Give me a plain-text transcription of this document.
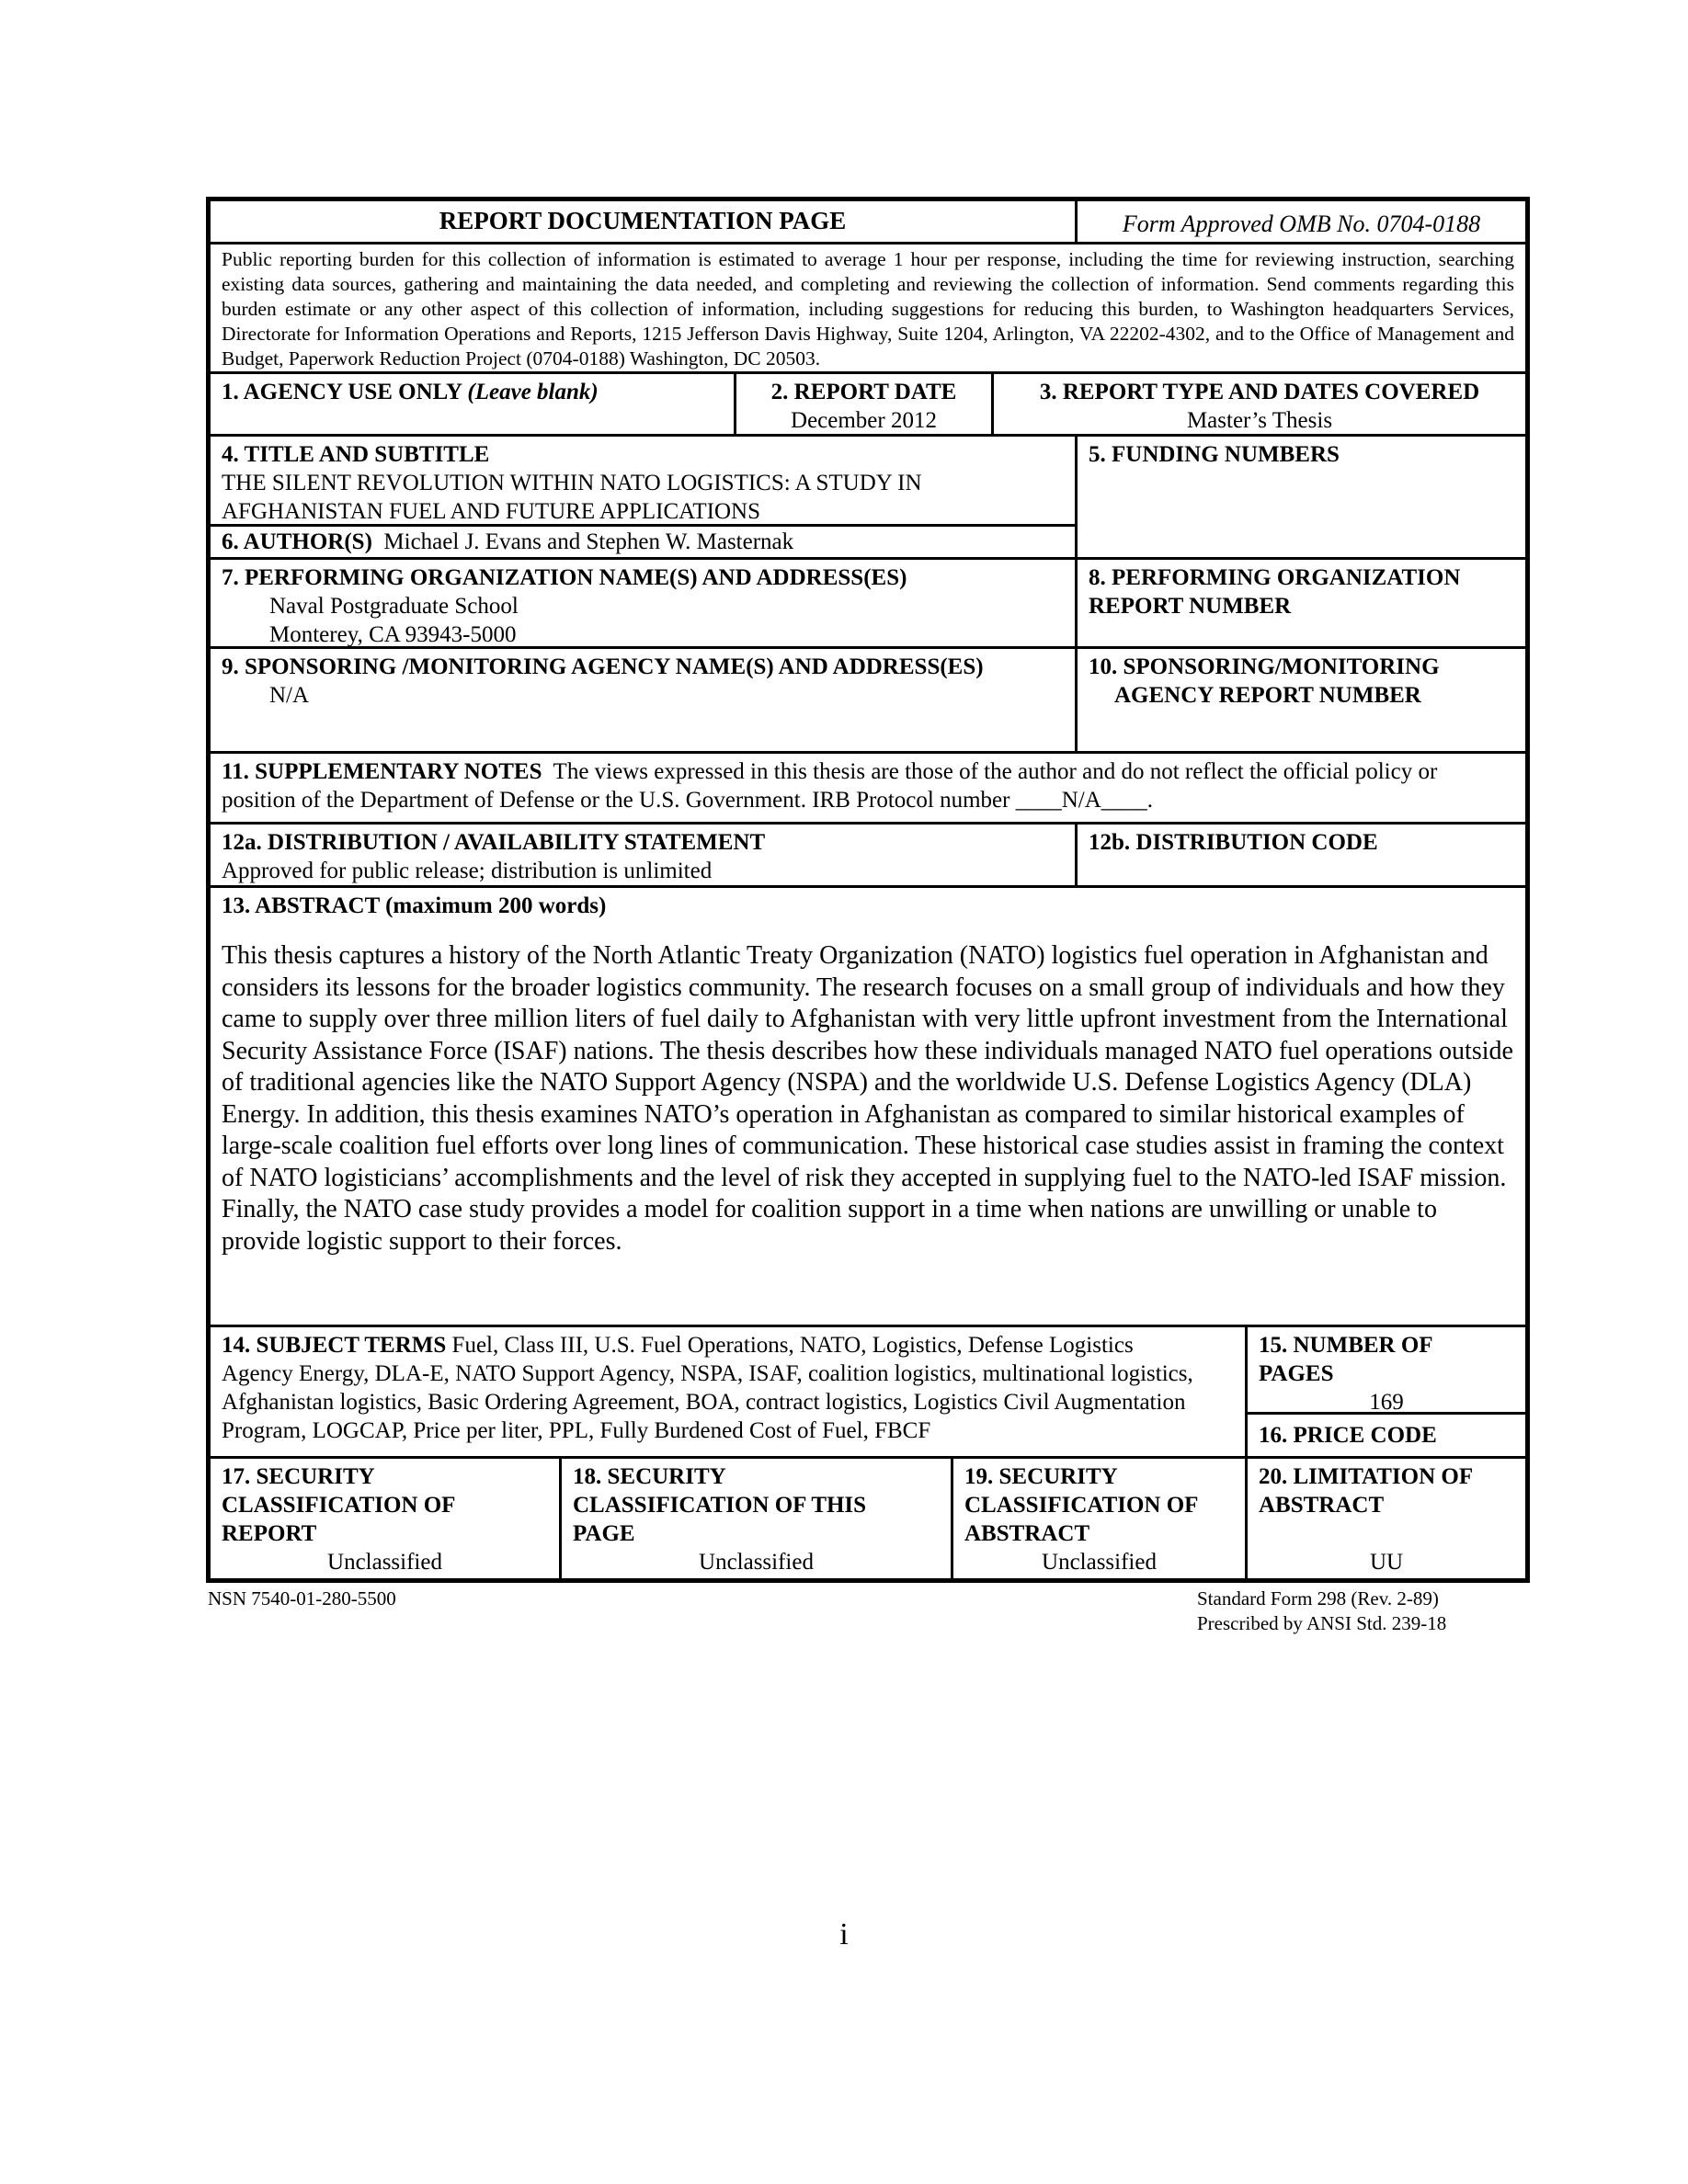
REPORT DOCUMENTATION PAGE	Form Approved OMB No. 0704-0188
Public reporting burden for this collection of information is estimated to average 1 hour per response, including the time for reviewing instruction, searching existing data sources, gathering and maintaining the data needed, and completing and reviewing the collection of information. Send comments regarding this burden estimate or any other aspect of this collection of information, including suggestions for reducing this burden, to Washington headquarters Services, Directorate for Information Operations and Reports, 1215 Jefferson Davis Highway, Suite 1204, Arlington, VA 22202-4302, and to the Office of Management and Budget, Paperwork Reduction Project (0704-0188) Washington, DC 20503.
1. AGENCY USE ONLY (Leave blank)	2. REPORT DATE
December 2012
3. REPORT TYPE AND DATES COVERED
Master’s Thesis
4. TITLE AND SUBTITLE
THE SILENT REVOLUTION WITHIN NATO LOGISTICS: A STUDY IN AFGHANISTAN FUEL AND FUTURE APPLICATIONS
5. FUNDING NUMBERS
6. AUTHOR(S) Michael J. Evans and Stephen W. Masternak
7. PERFORMING ORGANIZATION NAME(S) AND ADDRESS(ES)
Naval Postgraduate School
Monterey, CA 93943-5000
8. PERFORMING ORGANIZATION
REPORT NUMBER
9. SPONSORING /MONITORING AGENCY NAME(S) AND ADDRESS(ES)
N/A
10. SPONSORING/MONITORING
AGENCY REPORT NUMBER
11. SUPPLEMENTARY NOTES The views expressed in this thesis are those of the author and do not reflect the official policy or position of the Department of Defense or the U.S. Government. IRB Protocol number ____N/A____.
12a. DISTRIBUTION / AVAILABILITY STATEMENT
Approved for public release; distribution is unlimited
12b. DISTRIBUTION CODE
13. ABSTRACT (maximum 200 words)
This thesis captures a history of the North Atlantic Treaty Organization (NATO) logistics fuel operation in Afghanistan and considers its lessons for the broader logistics community. The research focuses on a small group of individuals and how they came to supply over three million liters of fuel daily to Afghanistan with very little upfront investment from the International Security Assistance Force (ISAF) nations. The thesis describes how these individuals managed NATO fuel operations outside of traditional agencies like the NATO Support Agency (NSPA) and the worldwide U.S. Defense Logistics Agency (DLA) Energy. In addition, this thesis examines NATO’s operation in Afghanistan as compared to similar historical examples of large-scale coalition fuel efforts over long lines of communication. These historical case studies assist in framing the context of NATO logisticians’ accomplishments and the level of risk they accepted in supplying fuel to the NATO-led ISAF mission. Finally, the NATO case study provides a model for coalition support in a time when nations are unwilling or unable to provide logistic support to their forces.
14. SUBJECT TERMS Fuel, Class III, U.S. Fuel Operations, NATO, Logistics, Defense Logistics Agency Energy, DLA-E, NATO Support Agency, NSPA, ISAF, coalition logistics, multinational logistics, Afghanistan logistics, Basic Ordering Agreement, BOA, contract logistics, Logistics Civil Augmentation Program, LOGCAP, Price per liter, PPL, Fully Burdened Cost of Fuel, FBCF
15. NUMBER OF
PAGES
169
16. PRICE CODE
17. SECURITY
CLASSIFICATION OF
REPORT
Unclassified
18. SECURITY
CLASSIFICATION OF THIS
PAGE
Unclassified
19. SECURITY
CLASSIFICATION OF
ABSTRACT
Unclassified
20. LIMITATION OF
ABSTRACT
UU
NSN 7540-01-280-5500	Standard Form 298 (Rev. 2-89)
Prescribed by ANSI Std. 239-18
i
